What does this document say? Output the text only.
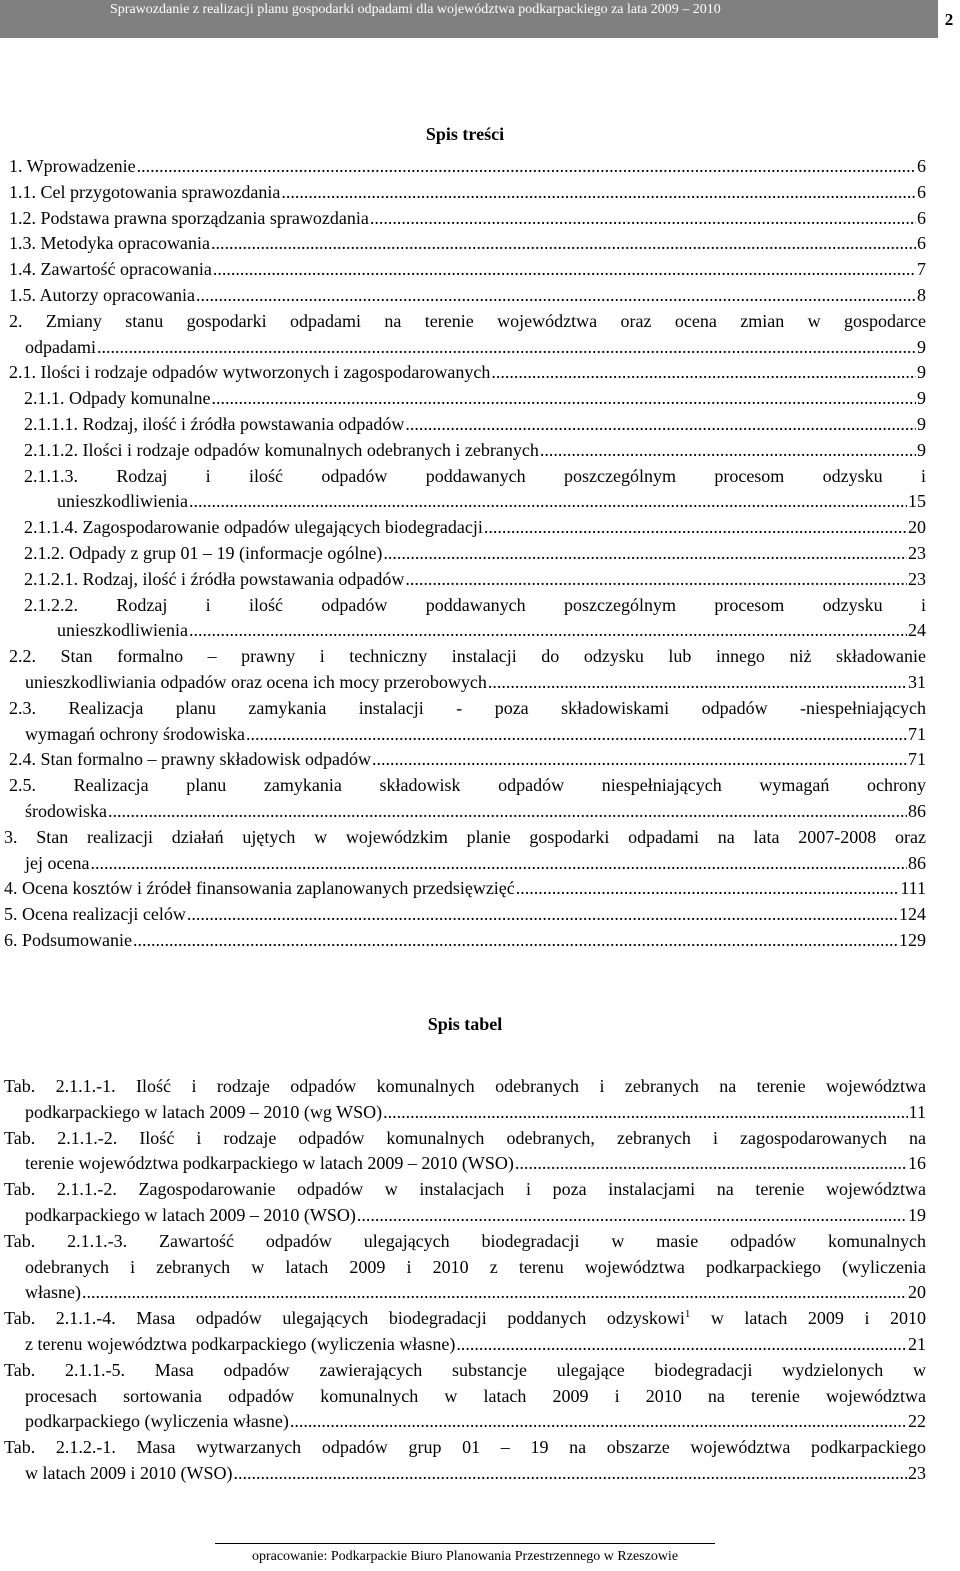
Sprawozdanie z realizacji planu gospodarki odpadami dla województwa podkarpackiego za lata 2009 – 2010
2
Spis treści
1. Wprowadzenie .....	6
1.1. Cel przygotowania sprawozdania .....	6
1.2. Podstawa prawna sporządzania sprawozdania .....	6
1.3. Metodyka opracowania .....	6
1.4. Zawartość opracowania .....	7
1.5. Autorzy opracowania .....	8
2. Zmiany stanu gospodarki odpadami na terenie województwa oraz ocena zmian w gospodarce
odpadami .....	9
2.1. Ilości i rodzaje odpadów wytworzonych i zagospodarowanych .....	9
2.1.1. Odpady komunalne .....	9
2.1.1.1. Rodzaj, ilość i źródła powstawania odpadów .....	9
2.1.1.2. Ilości i rodzaje odpadów komunalnych odebranych i zebranych .....	9
2.1.1.3. Rodzaj i ilość odpadów poddawanych poszczególnym procesom odzysku i
unieszkodliwienia .....	15
2.1.1.4. Zagospodarowanie odpadów ulegających biodegradacji .....	20
2.1.2. Odpady z grup 01 – 19 (informacje ogólne) .....	23
2.1.2.1. Rodzaj, ilość i źródła powstawania odpadów .....	23
2.1.2.2. Rodzaj i ilość odpadów poddawanych poszczególnym procesom odzysku i
unieszkodliwienia .....	24
2.2. Stan formalno – prawny i techniczny instalacji do odzysku lub innego niż składowanie
unieszkodliwiania odpadów oraz ocena ich mocy przerobowych .....	31
2.3. Realizacja planu zamykania instalacji - poza składowiskami odpadów -niespełniających
wymagań ochrony środowiska .....	71
2.4. Stan formalno – prawny składowisk odpadów .....	71
2.5. Realizacja planu zamykania składowisk odpadów niespełniających wymagań ochrony
środowiska .....	86
3. Stan realizacji działań ujętych w wojewódzkim planie gospodarki odpadami na lata 2007-2008 oraz
jej ocena .....	86
4. Ocena kosztów i źródeł finansowania zaplanowanych przedsięwzięć .....	111
5. Ocena realizacji celów .....	124
6. Podsumowanie .....	129
Spis tabel
Tab. 2.1.1.-1. Ilość i rodzaje odpadów komunalnych odebranych i zebranych na terenie województwa
podkarpackiego w latach 2009 – 2010 (wg WSO) .....	11
Tab. 2.1.1.-2. Ilość i rodzaje odpadów komunalnych odebranych, zebranych i zagospodarowanych na
terenie województwa podkarpackiego w latach 2009 – 2010 (WSO) .....	16
Tab. 2.1.1.-2. Zagospodarowanie odpadów w instalacjach i poza instalacjami na terenie województwa
podkarpackiego w latach 2009 – 2010 (WSO) .....	19
Tab. 2.1.1.-3. Zawartość odpadów ulegających biodegradacji w masie odpadów komunalnych
odebranych i zebranych w latach 2009 i 2010 z terenu województwa podkarpackiego (wyliczenia
własne) .....	20
Tab. 2.1.1.-4. Masa odpadów ulegających biodegradacji poddanych odzyskowi$^1$ w latach 2009 i 2010
z terenu województwa podkarpackiego (wyliczenia własne) .....	21
Tab. 2.1.1.-5. Masa odpadów zawierających substancje ulegające biodegradacji wydzielonych w
procesach sortowania odpadów komunalnych w latach 2009 i 2010 na terenie województwa
podkarpackiego (wyliczenia własne) .....	22
Tab. 2.1.2.-1. Masa wytwarzanych odpadów grup 01 – 19 na obszarze województwa podkarpackiego
w latach 2009 i 2010 (WSO) .....	23
opracowanie: Podkarpackie Biuro Planowania Przestrzennego w Rzeszowie
